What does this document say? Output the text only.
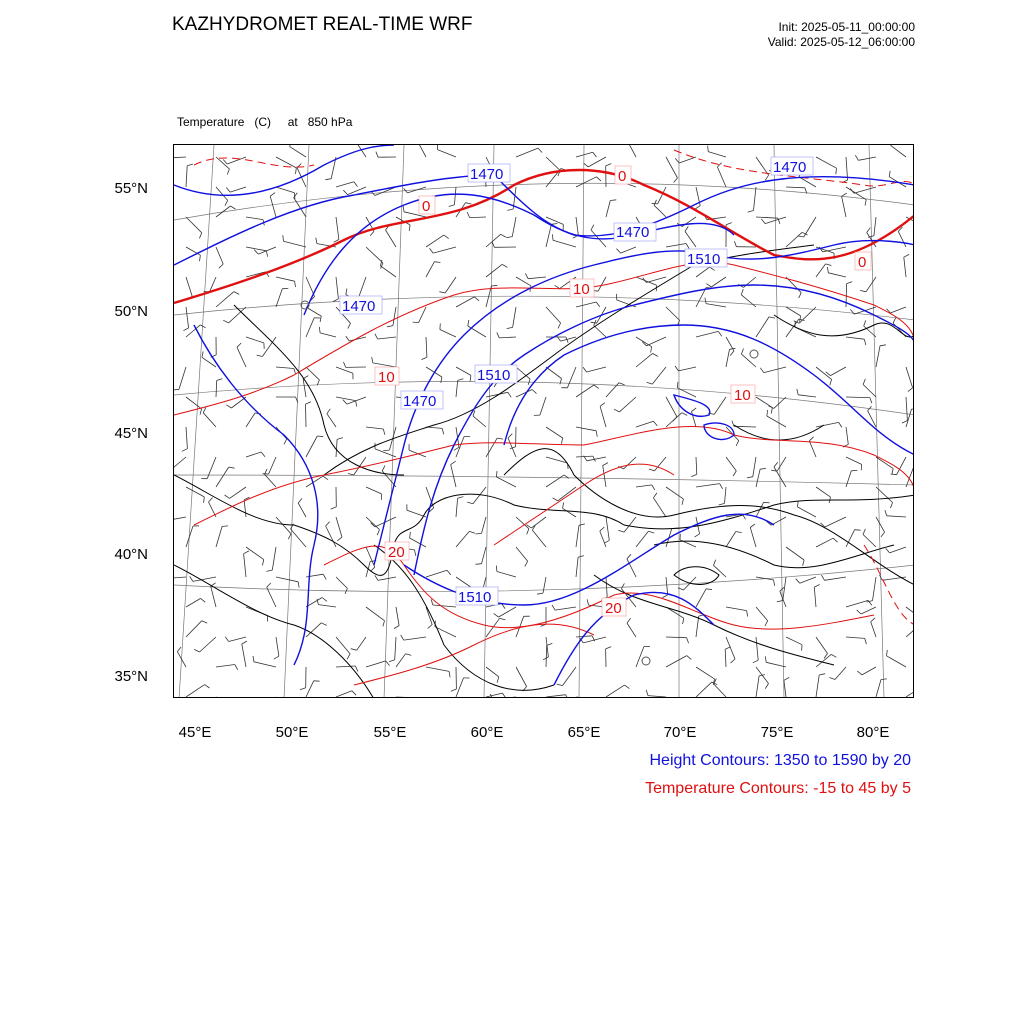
KAZHYDROMET REAL-TIME WRF	Init: 2025-05-11_00:00:00
Valid: 2025-05-12_06:00:00

Temperature   (C)     at   850 hPa

1470	1470
1470
1470
1470
1510
1510
1510
0
0
0
10
10
10
20
20
55°N
50°N
45°N
40°N
35°N
45°E	50°E	55°E	60°E	65°E	70°E	75°E	80°E
Height Contours: 1350 to 1590 by 20
Temperature Contours: -15 to 45 by 5
